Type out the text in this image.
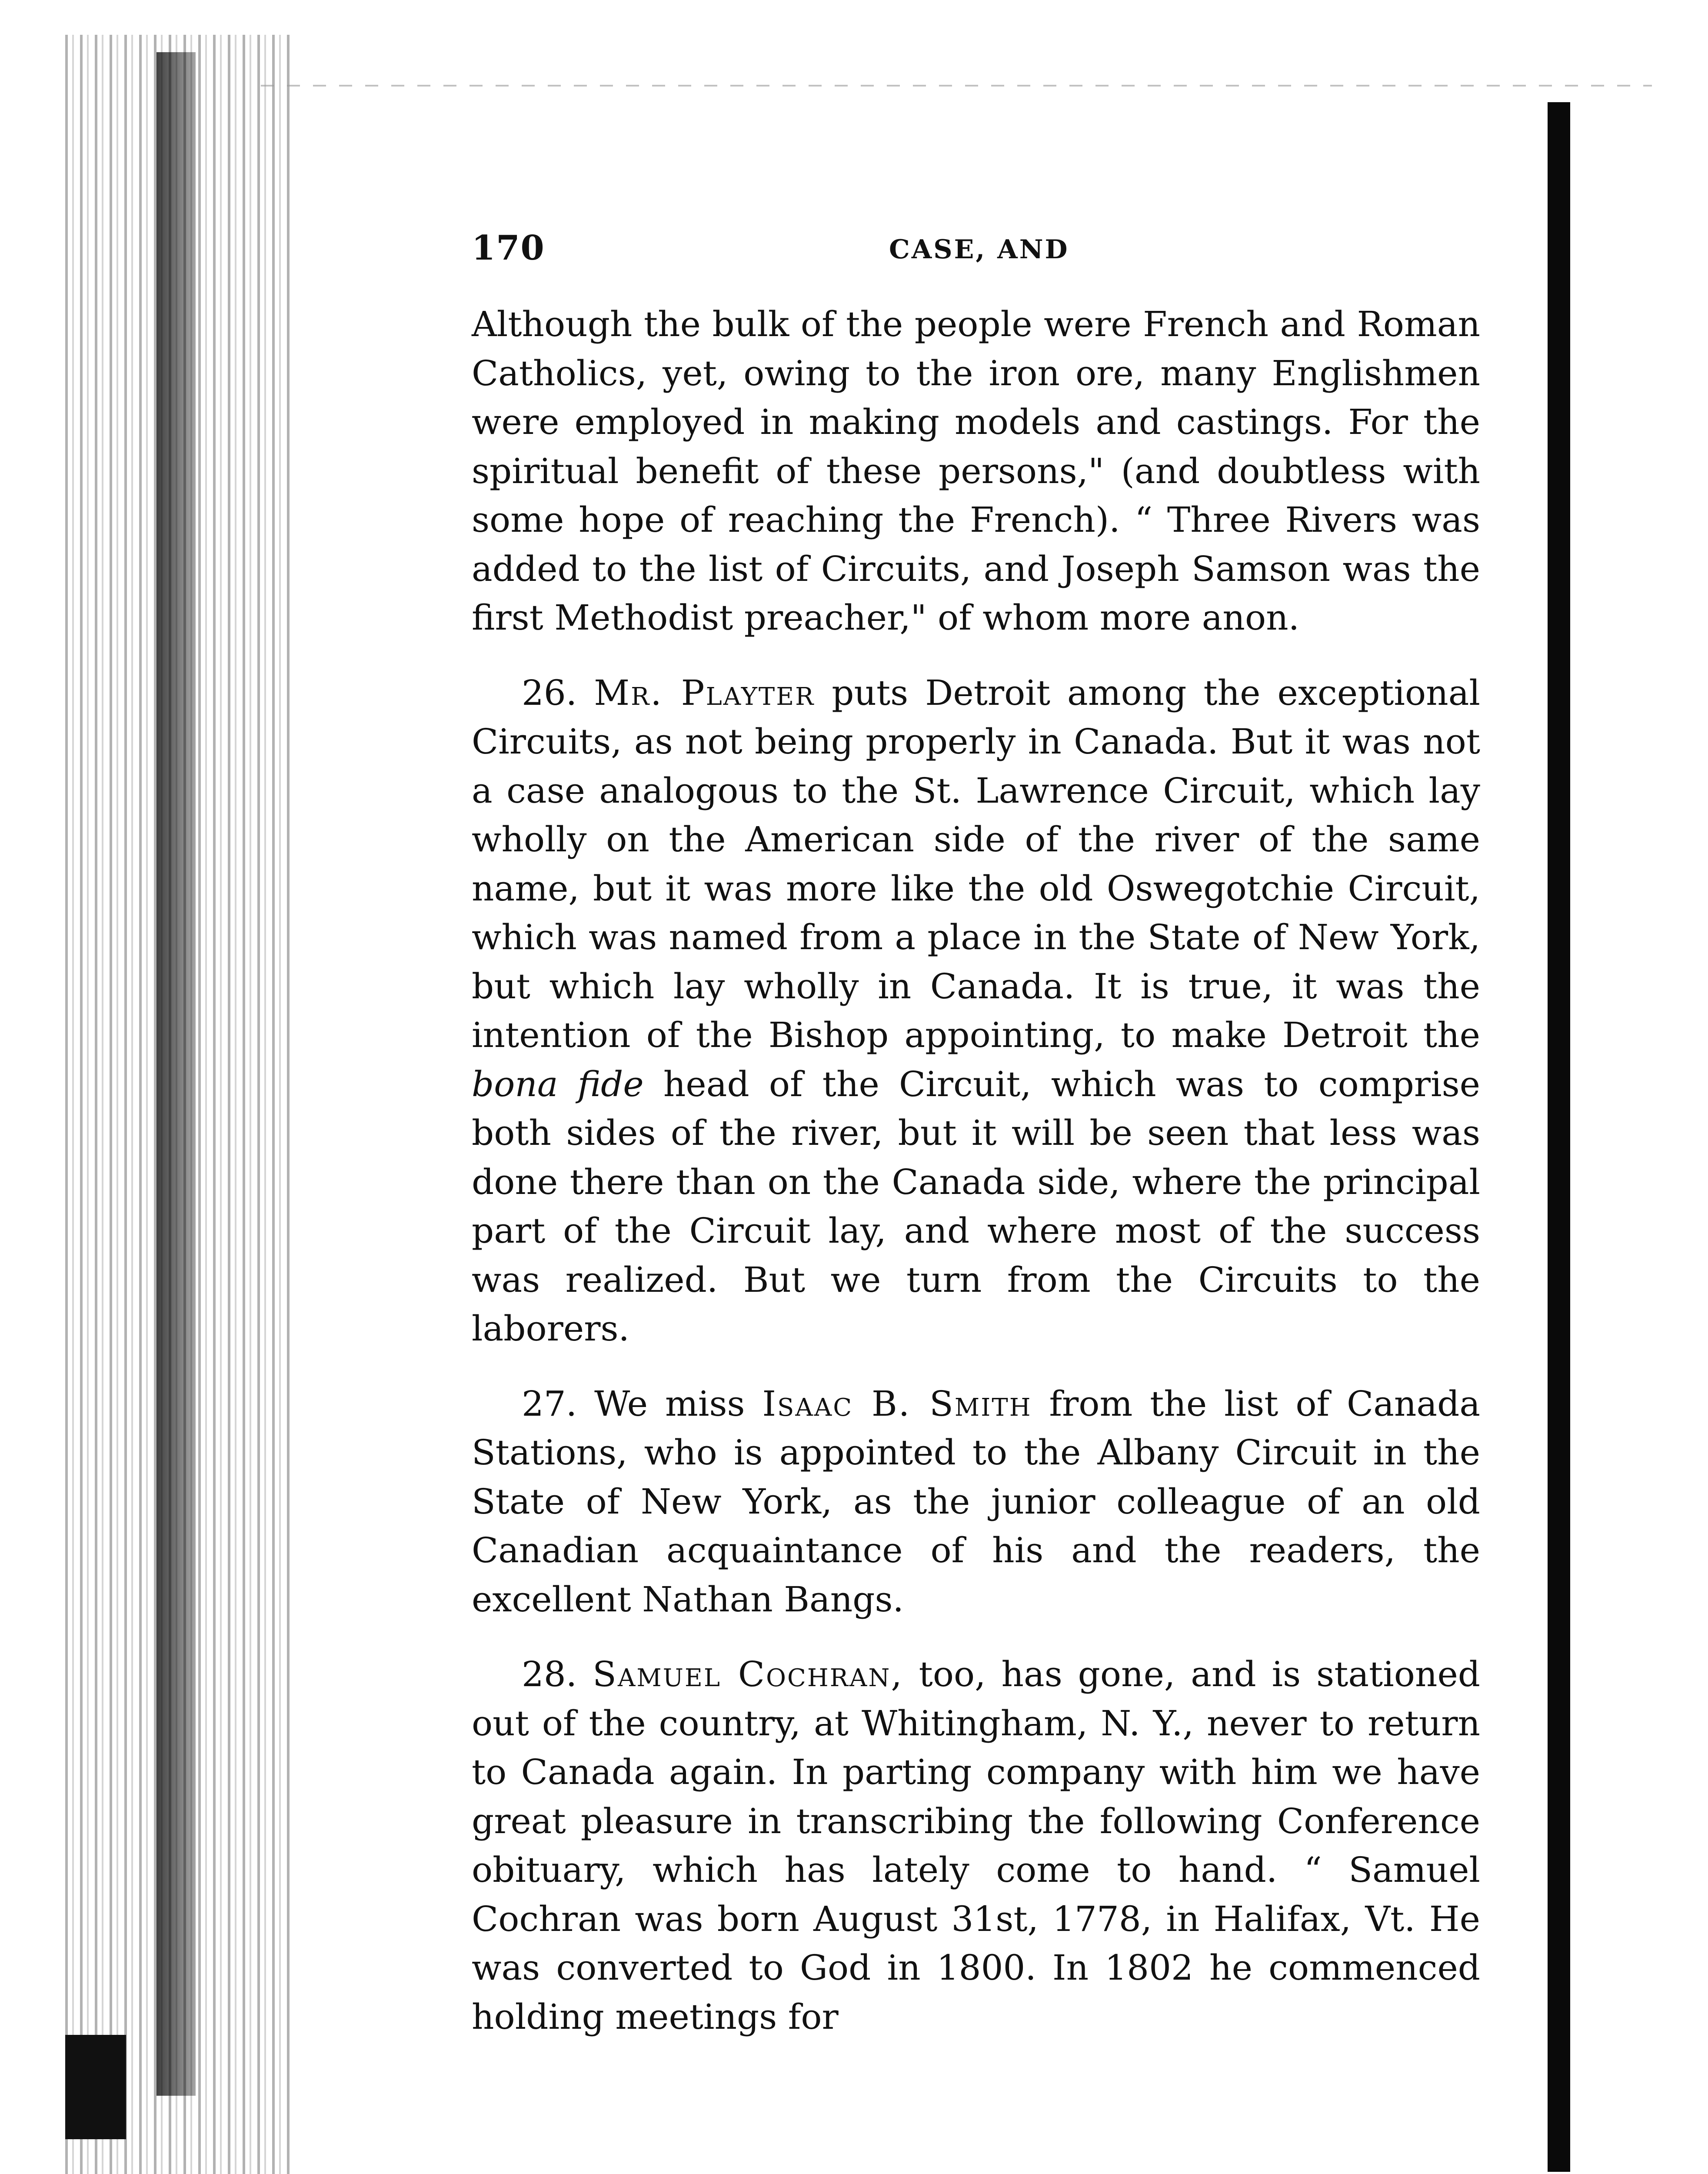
170	CASE, AND

Although the bulk of the people were French and Roman Catholics, yet, owing to the iron ore, many Englishmen were employed in making models and castings. For the spiritual benefit of these persons," (and doubtless with some hope of reaching the French). “ Three Rivers was added to the list of Circuits, and Joseph Samson was the first Methodist preacher," of whom more anon.

26. Mr. Playter puts Detroit among the exceptional Circuits, as not being properly in Canada. But it was not a case analogous to the St. Lawrence Circuit, which lay wholly on the American side of the river of the same name, but it was more like the old Oswegotchie Circuit, which was named from a place in the State of New York, but which lay wholly in Canada. It is true, it was the intention of the Bishop appointing, to make Detroit the bona fide head of the Circuit, which was to comprise both sides of the river, but it will be seen that less was done there than on the Canada side, where the principal part of the Circuit lay, and where most of the success was realized. But we turn from the Circuits to the laborers.

27. We miss Isaac B. Smith from the list of Canada Stations, who is appointed to the Albany Circuit in the State of New York, as the junior colleague of an old Canadian acquaintance of his and the readers, the excellent Nathan Bangs.

28. Samuel Cochran, too, has gone, and is stationed out of the country, at Whitingham, N. Y., never to return to Canada again. In parting company with him we have great pleasure in transcribing the following Conference obituary, which has lately come to hand. “ Samuel Cochran was born August 31st, 1778, in Halifax, Vt. He was converted to God in 1800. In 1802 he commenced holding meetings for
